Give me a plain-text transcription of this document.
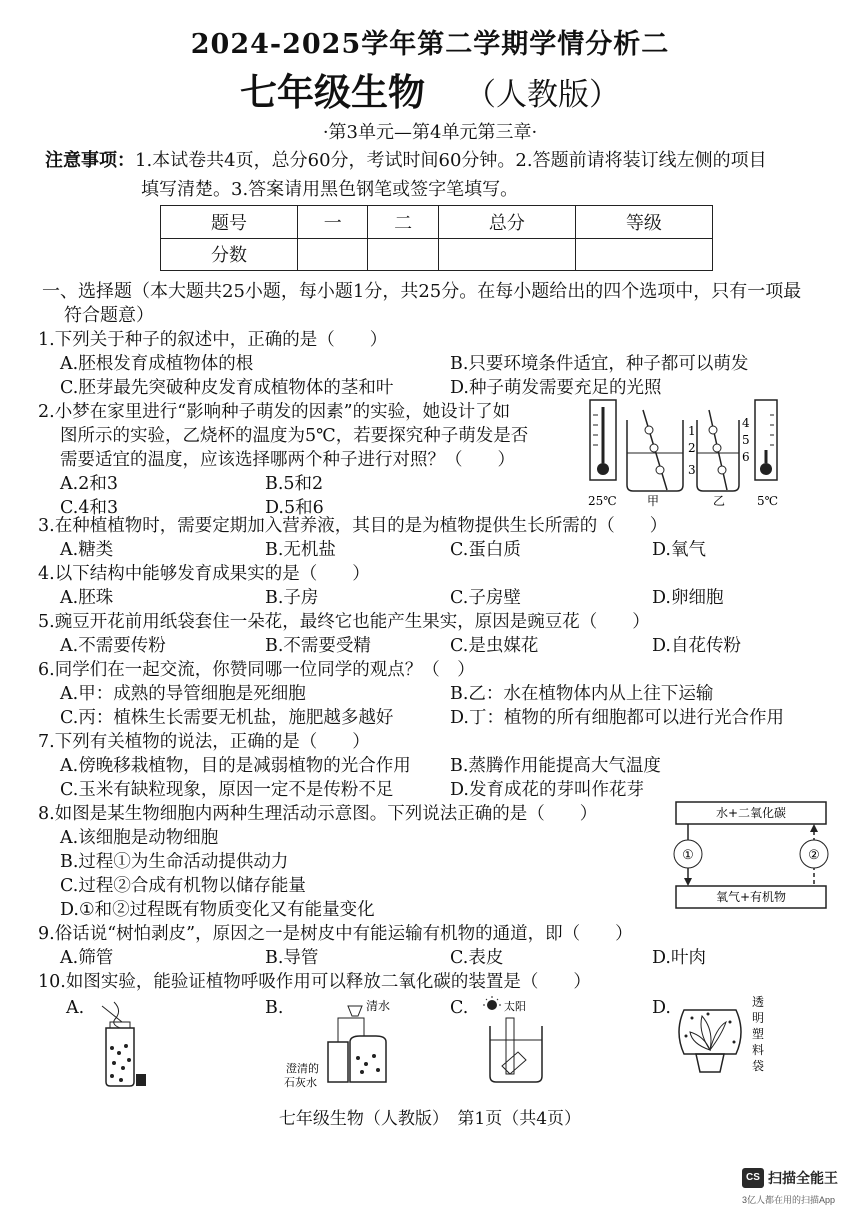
2024-2025学年第二学期学情分析二
七年级生物 （人教版）
·第3单元—第4单元第三章·
注意事项：1.本试卷共4页，总分60分，考试时间60分钟。2.答题前请将装订线左侧的项目
填写清楚。3.答案请用黑色钢笔或签字笔填写。
题号	一	二	总分	等级
分数				
一、选择题（本大题共25小题，每小题1分，共25分。在每小题给出的四个选项中，只有一项最
符合题意）
1.下列关于种子的叙述中，正确的是（　　）
A.胚根发育成植物体的根	B.只要环境条件适宜，种子都可以萌发
C.胚芽最先突破种皮发育成植物体的茎和叶	D.种子萌发需要充足的光照
2.小梦在家里进行“影响种子萌发的因素”的实验，她设计了如
图所示的实验，乙烧杯的温度为5℃，若要探究种子萌发是否
需要适宜的温度，应该选择哪两个种子进行对照？（　　）
A.2和3	B.5和2
C.4和3	D.5和6	25℃
1
2
3
甲
4
5
6
乙	5℃
3.在种植植物时，需要定期加入营养液，其目的是为植物提供生长所需的（　　）
A.糖类	B.无机盐	C.蛋白质	D.氧气
4.以下结构中能够发育成果实的是（　　）
A.胚珠	B.子房	C.子房壁	D.卵细胞
5.豌豆开花前用纸袋套住一朵花，最终它也能产生果实，原因是豌豆花（　　）
A.不需要传粉	B.不需要受精	C.是虫媒花	D.自花传粉
6.同学们在一起交流，你赞同哪一位同学的观点？（　）
A.甲：成熟的导管细胞是死细胞	B.乙：水在植物体内从上往下运输
C.丙：植株生长需要无机盐，施肥越多越好	D.丁：植物的所有细胞都可以进行光合作用
7.下列有关植物的说法，正确的是（　　）
A.傍晚移栽植物，目的是减弱植物的光合作用 B.蒸腾作用能提高大气温度
C.玉米有缺粒现象，原因一定不是传粉不足	D.发育成花的芽叫作花芽
8.如图是某生物细胞内两种生理活动示意图。下列说法正确的是（　　）
A.该细胞是动物细胞
B.过程①为生命活动提供动力
C.过程②合成有机物以储存能量
D.①和②过程既有物质变化又有能量变化
水+二氧化碳
氧气+有机物
①	②
9.俗话说“树怕剥皮”，原因之一是树皮中有能运输有机物的通道，即（　　）
A.筛管	B.导管	C.表皮	D.叶肉
10.如图实验，能验证植物呼吸作用可以释放二氧化碳的装置是（　　）
A.	B.	C.	D.
清水
澄清的
石灰水
太阳	透
明
塑
料
袋
七年级生物（人教版）　第1页（共4页）
CS 扫描全能王
3亿人都在用的扫描App
